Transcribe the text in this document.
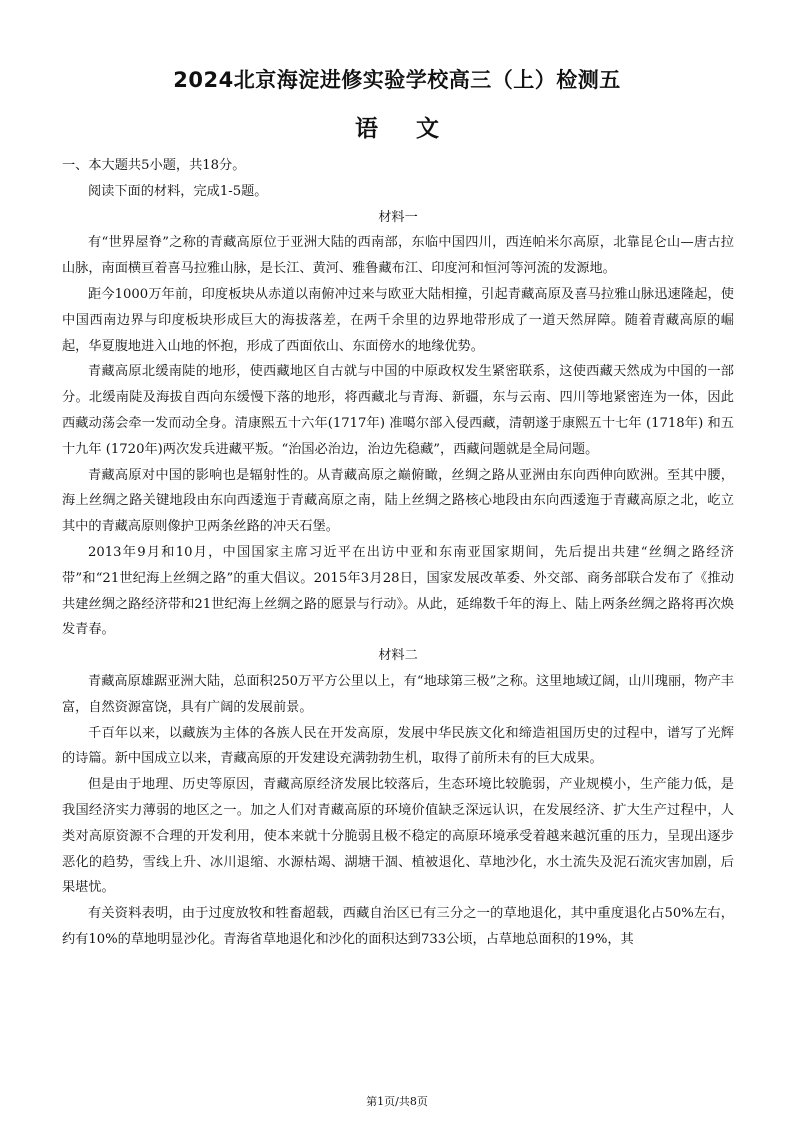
2024北京海淀进修实验学校高三（上）检测五
语文

一、本大题共5小题，共18分。

阅读下面的材料，完成1-5题。

材料一

有“世界屋脊”之称的青藏高原位于亚洲大陆的西南部，东临中国四川，西连帕米尔高原，北靠昆仑山—唐古拉山脉，南面横亘着喜马拉雅山脉，是长江、黄河、雅鲁藏布江、印度河和恒河等河流的发源地。

距今1000万年前，印度板块从赤道以南俯冲过来与欧亚大陆相撞，引起青藏高原及喜马拉雅山脉迅速隆起，使中国西南边界与印度板块形成巨大的海拔落差，在两千余里的边界地带形成了一道天然屏障。随着青藏高原的崛起，华夏腹地进入山地的怀抱，形成了西面依山、东面傍水的地缘优势。

青藏高原北缓南陡的地形，使西藏地区自古就与中国的中原政权发生紧密联系，这使西藏天然成为中国的一部分。北缓南陡及海拔自西向东缓慢下落的地形，将西藏北与青海、新疆，东与云南、四川等地紧密连为一体，因此西藏动荡会牵一发而动全身。清康熙五十六年(1717年) 准噶尔部入侵西藏，清朝遂于康熙五十七年 (1718年) 和五十九年 (1720年)两次发兵进藏平叛。“治国必治边，治边先稳藏”，西藏问题就是全局问题。

青藏高原对中国的影响也是辐射性的。从青藏高原之巅俯瞰，丝绸之路从亚洲由东向西伸向欧洲。至其中腰，海上丝绸之路关键地段由东向西逶迤于青藏高原之南，陆上丝绸之路核心地段由东向西逶迤于青藏高原之北，屹立其中的青藏高原则像护卫两条丝路的冲天石堡。

2013年9月和10月，中国国家主席习近平在出访中亚和东南亚国家期间，先后提出共建“丝绸之路经济带”和“21世纪海上丝绸之路”的重大倡议。2015年3月28日，国家发展改革委、外交部、商务部联合发布了《推动共建丝绸之路经济带和21世纪海上丝绸之路的愿景与行动》。从此，延绵数千年的海上、陆上两条丝绸之路将再次焕发青春。

材料二

青藏高原雄踞亚洲大陆，总面积250万平方公里以上，有“地球第三极”之称。这里地域辽阔，山川瑰丽，物产丰富，自然资源富饶，具有广阔的发展前景。

千百年以来，以藏族为主体的各族人民在开发高原，发展中华民族文化和缔造祖国历史的过程中，谱写了光辉的诗篇。新中国成立以来，青藏高原的开发建设充满勃勃生机，取得了前所未有的巨大成果。

但是由于地理、历史等原因，青藏高原经济发展比较落后，生态环境比较脆弱，产业规模小，生产能力低，是我国经济实力薄弱的地区之一。加之人们对青藏高原的环境价值缺乏深远认识，在发展经济、扩大生产过程中，人类对高原资源不合理的开发利用，使本来就十分脆弱且极不稳定的高原环境承受着越来越沉重的压力，呈现出逐步恶化的趋势，雪线上升、冰川退缩、水源枯竭、湖塘干涸、植被退化、草地沙化，水土流失及泥石流灾害加剧，后果堪忧。

有关资料表明，由于过度放牧和牲畜超载，西藏自治区已有三分之一的草地退化，其中重度退化占50%左右，约有10%的草地明显沙化。青海省草地退化和沙化的面积达到733公顷，占草地总面积的19%，其

第1页/共8页
